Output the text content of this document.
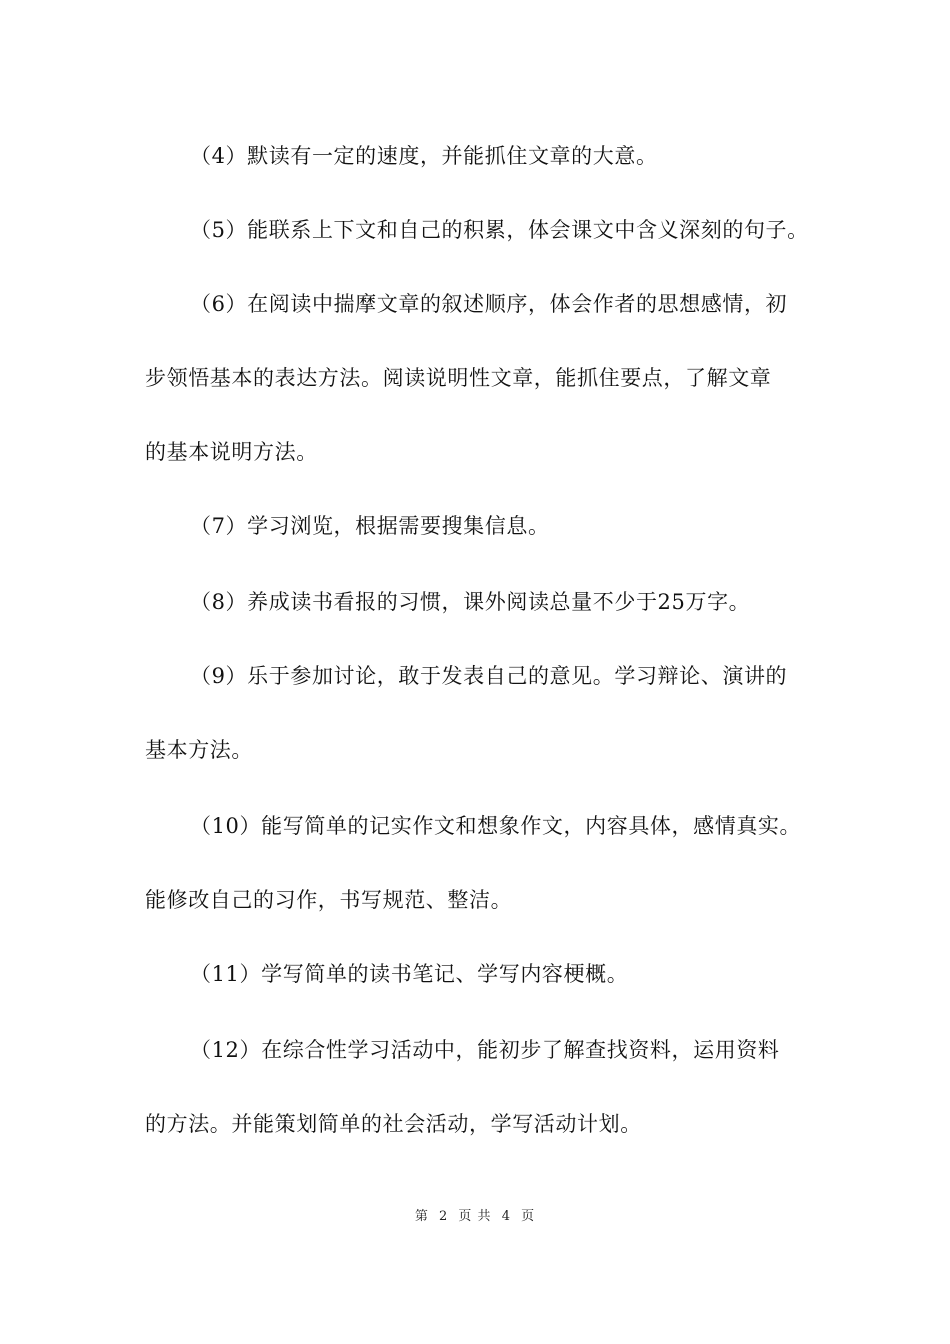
（4）默读有一定的速度，并能抓住文章的大意。
（5）能联系上下文和自己的积累，体会课文中含义深刻的句子。
（6）在阅读中揣摩文章的叙述顺序，体会作者的思想感情，初
步领悟基本的表达方法。阅读说明性文章，能抓住要点，了解文章
的基本说明方法。
（7）学习浏览，根据需要搜集信息。
（8）养成读书看报的习惯，课外阅读总量不少于25万字。
（9）乐于参加讨论，敢于发表自己的意见。学习辩论、演讲的
基本方法。
（10）能写简单的记实作文和想象作文，内容具体，感情真实。
能修改自己的习作，书写规范、整洁。
（11）学写简单的读书笔记、学写内容梗概。
（12）在综合性学习活动中，能初步了解查找资料，运用资料
的方法。并能策划简单的社会活动，学写活动计划。
第 2 页 共 4 页
